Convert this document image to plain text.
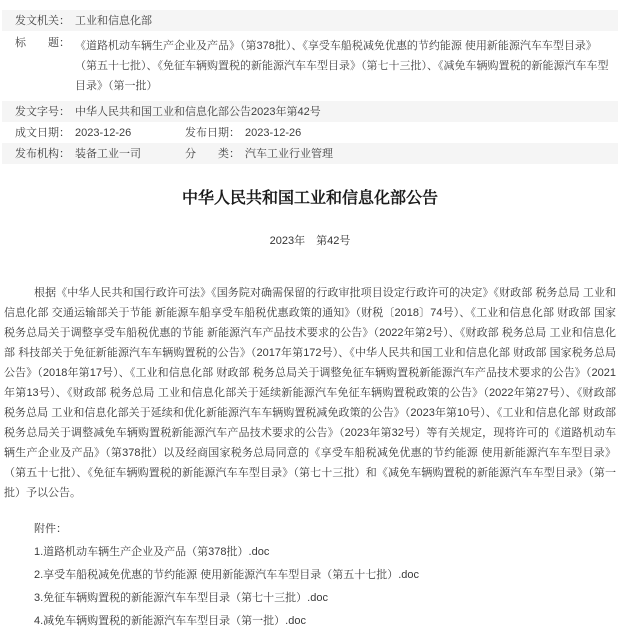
发文机关： 工业和信息化部
标题： 《道路机动车辆生产企业及产品》（第378批）、《享受车船税减免优惠的节约能源 使用新能源汽车车型目录》（第五十七批）、《免征车辆购置税的新能源汽车车型目录》（第七十三批）、《减免车辆购置税的新能源汽车车型目录》（第一批）
发文字号： 中华人民共和国工业和信息化部公告2023年第42号
成文日期： 2023-12-26	发布日期： 2023-12-26
发布机构： 装备工业一司	分类： 汽车工业行业管理
中华人民共和国工业和信息化部公告
2023年　第42号

根据《中华人民共和国行政许可法》《国务院对确需保留的行政审批项目设定行政许可的决定》《财政部 税务总局 工业和信息化部 交通运输部关于节能 新能源车船享受车船税优惠政策的通知》（财税〔2018〕74号）、《工业和信息化部 财政部 国家税务总局关于调整享受车船税优惠的节能 新能源汽车产品技术要求的公告》（2022年第2号）、《财政部 税务总局 工业和信息化部 科技部关于免征新能源汽车车辆购置税的公告》（2017年第172号）、《中华人民共和国工业和信息化部 财政部 国家税务总局公告》（2018年第17号）、《工业和信息化部 财政部 税务总局关于调整免征车辆购置税新能源汽车产品技术要求的公告》（2021年第13号）、《财政部 税务总局 工业和信息化部关于延续新能源汽车免征车辆购置税政策的公告》（2022年第27号）、《财政部 税务总局 工业和信息化部关于延续和优化新能源汽车车辆购置税减免政策的公告》（2023年第10号）、《工业和信息化部 财政部 税务总局关于调整减免车辆购置税新能源汽车产品技术要求的公告》（2023年第32号）等有关规定，现将许可的《道路机动车辆生产企业及产品》（第378批）以及经商国家税务总局同意的《享受车船税减免优惠的节约能源 使用新能源汽车车型目录》（第五十七批）、《免征车辆购置税的新能源汽车车型目录》（第七十三批）和《减免车辆购置税的新能源汽车车型目录》（第一批）予以公告。

附件：
1.道路机动车辆生产企业及产品（第378批）.doc
2.享受车船税减免优惠的节约能源 使用新能源汽车车型目录（第五十七批）.doc
3.免征车辆购置税的新能源汽车车型目录（第七十三批）.doc
4.减免车辆购置税的新能源汽车车型目录（第一批）.doc
